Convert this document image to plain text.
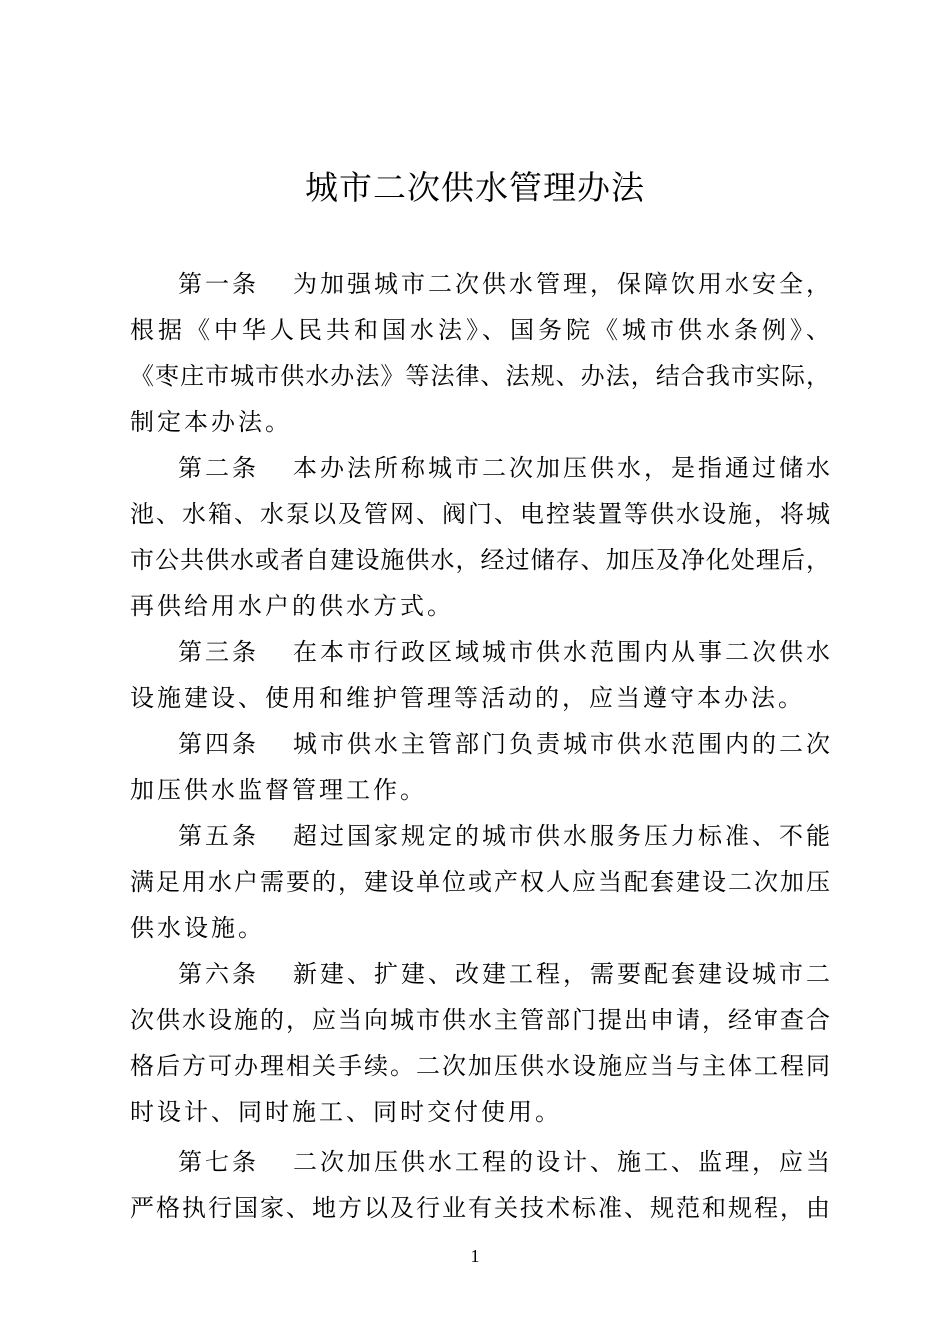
城市二次供水管理办法
第一条 为加强城市二次供水管理，保障饮用水安全，
根据《中华人民共和国水法》、国务院《城市供水条例》、
《枣庄市城市供水办法》等法律、法规、办法，结合我市实际，
制定本办法。
第二条 本办法所称城市二次加压供水，是指通过储水
池、水箱、水泵以及管网、阀门、电控装置等供水设施，将城
市公共供水或者自建设施供水，经过储存、加压及净化处理后，
再供给用水户的供水方式。
第三条 在本市行政区域城市供水范围内从事二次供水
设施建设、使用和维护管理等活动的，应当遵守本办法。
第四条 城市供水主管部门负责城市供水范围内的二次
加压供水监督管理工作。
第五条 超过国家规定的城市供水服务压力标准、不能
满足用水户需要的，建设单位或产权人应当配套建设二次加压
供水设施。
第六条 新建、扩建、改建工程，需要配套建设城市二
次供水设施的，应当向城市供水主管部门提出申请，经审查合
格后方可办理相关手续。二次加压供水设施应当与主体工程同
时设计、同时施工、同时交付使用。
第七条 二次加压供水工程的设计、施工、监理，应当
严格执行国家、地方以及行业有关技术标准、规范和规程，由
1
